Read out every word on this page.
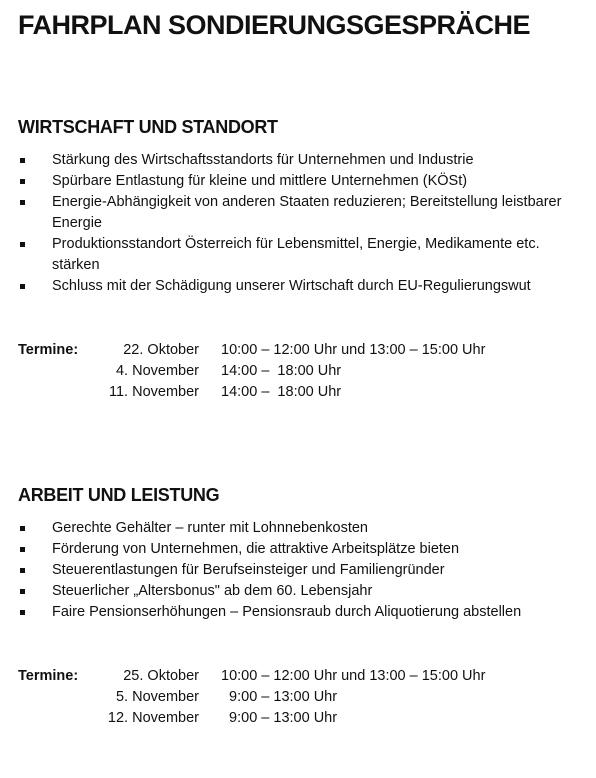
FAHRPLAN SONDIERUNGSGESPRÄCHE
WIRTSCHAFT UND STANDORT
Stärkung des Wirtschaftsstandorts für Unternehmen und Industrie
Spürbare Entlastung für kleine und mittlere Unternehmen (KÖSt)
Energie-Abhängigkeit von anderen Staaten reduzieren; Bereitstellung leistbarer Energie
Produktionsstandort Österreich für Lebensmittel, Energie, Medikamente etc. stärken
Schluss mit der Schädigung unserer Wirtschaft durch EU-Regulierungswut
Termine:	22. Oktober 10:00 – 12:00 Uhr und 13:00 – 15:00 Uhr
4. November 14:00 –  18:00 Uhr
11. November 14:00 –  18:00 Uhr
ARBEIT UND LEISTUNG
Gerechte Gehälter – runter mit Lohnnebenkosten
Förderung von Unternehmen, die attraktive Arbeitsplätze bieten
Steuerentlastungen für Berufseinsteiger und Familiengründer
Steuerlicher „Altersbonus" ab dem 60. Lebensjahr
Faire Pensionserhöhungen – Pensionsraub durch Aliquotierung abstellen
Termine:	25. Oktober 10:00 – 12:00 Uhr und 13:00 – 15:00 Uhr
5. November 9:00 – 13:00 Uhr
12. November 9:00 – 13:00 Uhr
